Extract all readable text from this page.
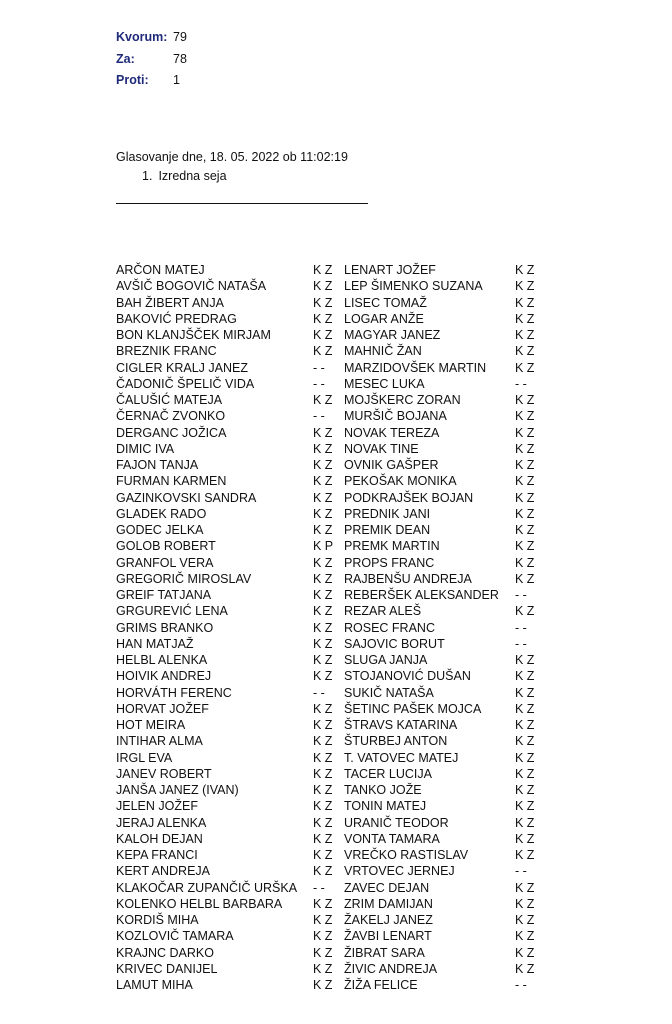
Kvorum: 79
Za:	78
Proti: 1
Glasovanje dne, 18. 05. 2022 ob 11:02:19
1. Izredna seja
ARČON MATEJ	K Z
AVŠIČ BOGOVIČ NATAŠA	K Z
BAH ŽIBERT ANJA	K Z
BAKOVIĆ PREDRAG	K Z
BON KLANJŠČEK MIRJAM	K Z
BREZNIK FRANC	K Z
CIGLER KRALJ JANEZ	- -
ČADONIČ ŠPELIČ VIDA	- -
ČALUŠIĆ MATEJA	K Z
ČERNAČ ZVONKO	- -
DERGANC JOŽICA	K Z
DIMIC IVA	K Z
FAJON TANJA	K Z
FURMAN KARMEN	K Z
GAZINKOVSKI SANDRA	K Z
GLADEK RADO	K Z
GODEC JELKA	K Z
GOLOB ROBERT	K P
GRANFOL VERA	K Z
GREGORIČ MIROSLAV	K Z
GREIF TATJANA	K Z
GRGUREVIĆ LENA	K Z
GRIMS BRANKO	K Z
HAN MATJAŽ	K Z
HELBL ALENKA	K Z
HOIVIK ANDREJ	K Z
HORVÁTH FERENC	- -
HORVAT JOŽEF	K Z
HOT MEIRA	K Z
INTIHAR ALMA	K Z
IRGL EVA	K Z
JANEV ROBERT	K Z
JANŠA JANEZ (IVAN)	K Z
JELEN JOŽEF	K Z
JERAJ ALENKA	K Z
KALOH DEJAN	K Z
KEPA FRANCI	K Z
KERT ANDREJA	K Z
KLAKOČAR ZUPANČIČ URŠKA - -
KOLENKO HELBL BARBARA K Z
KORDIŠ MIHA	K Z
KOZLOVIČ TAMARA	K Z
KRAJNC DARKO	K Z
KRIVEC DANIJEL	K Z
LAMUT MIHA	K Z
LENART JOŽEF	K Z
LEP ŠIMENKO SUZANA	K Z
LISEC TOMAŽ	K Z
LOGAR ANŽE	K Z
MAGYAR JANEZ	K Z
MAHNIČ ŽAN	K Z
MARZIDOVŠEK MARTIN K Z
MESEC LUKA	- -
MOJŠKERC ZORAN	K Z
MURŠIČ BOJANA	K Z
NOVAK TEREZA	K Z
NOVAK TINE	K Z
OVNIK GAŠPER	K Z
PEKOŠAK MONIKA	K Z
PODKRAJŠEK BOJAN	K Z
PREDNIK JANI	K Z
PREMIK DEAN	K Z
PREMK MARTIN	K Z
PROPS FRANC	K Z
RAJBENŠU ANDREJA	K Z
REBERŠEK ALEKSANDER - -
REZAR ALEŠ	K Z
ROSEC FRANC	- -
SAJOVIC BORUT	- -
SLUGA JANJA	K Z
STOJANOVIĆ DUŠAN	K Z
SUKIČ NATAŠA	K Z
ŠETINC PAŠEK MOJCA	K Z
ŠTRAVS KATARINA	K Z
ŠTURBEJ ANTON	K Z
T. VATOVEC MATEJ	K Z
TACER LUCIJA	K Z
TANKO JOŽE	K Z
TONIN MATEJ	K Z
URANIČ TEODOR	K Z
VONTA TAMARA	K Z
VREČKO RASTISLAV	K Z
VRTOVEC JERNEJ	- -
ZAVEC DEJAN	K Z
ZRIM DAMIJAN	K Z
ŽAKELJ JANEZ	K Z
ŽAVBI LENART	K Z
ŽIBRAT SARA	K Z
ŽIVIC ANDREJA	K Z
ŽIŽA FELICE	- -
